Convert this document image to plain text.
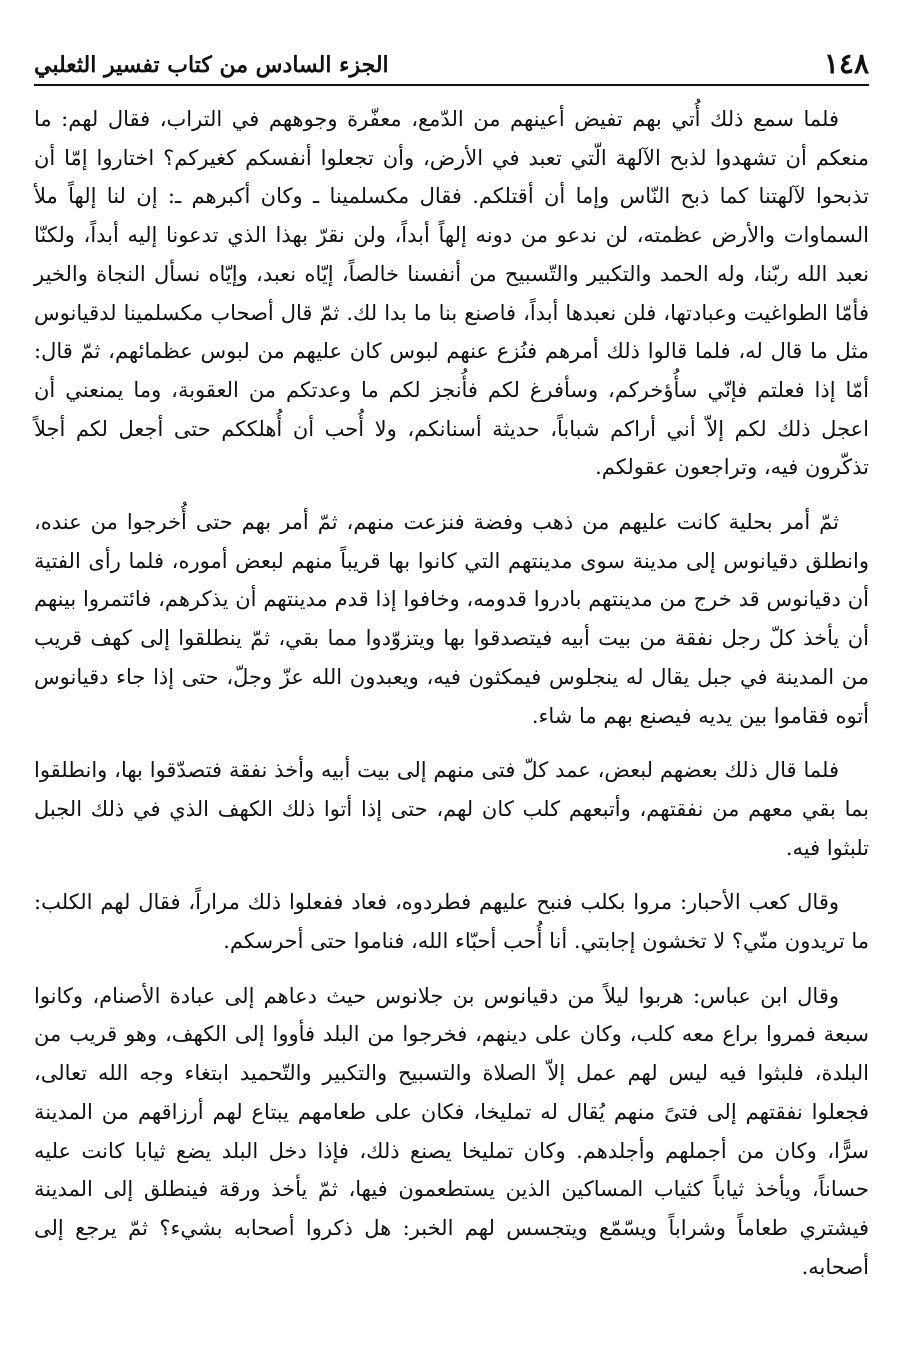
١٤٨
الجزء السادس من كتاب تفسير الثعلبي

فلما سمع ذلك أُتي بهم تفيض أعينهم من الدّمع، معفّرة وجوههم في التراب، فقال لهم: ما منعكم أن تشهدوا لذبح الآلهة الّتي تعبد في الأرض، وأن تجعلوا أنفسكم كغيركم؟ اختاروا إمّا أن تذبحوا لآلهتنا كما ذبح النّاس وإما أن أقتلكم. فقال مكسلمينا ـ وكان أكبرهم ـ: إن لنا إلهاً ملأ السماوات والأرض عظمته، لن ندعو من دونه إلهاً أبداً، ولن نقرّ بهذا الذي تدعونا إليه أبداً، ولكنّا نعبد الله ربّنا، وله الحمد والتكبير والتّسبيح من أنفسنا خالصاً، إيّاه نعبد، وإيّاه نسأل النجاة والخير فأمّا الطواغيت وعبادتها، فلن نعبدها أبداً، فاصنع بنا ما بدا لك. ثمّ قال أصحاب مكسلمينا لدقيانوس مثل ما قال له، فلما قالوا ذلك أمرهم فنُزع عنهم لبوس كان عليهم من لبوس عظمائهم، ثمّ قال: أمّا إذا فعلتم فإنّي سأُؤخركم، وسأفرغ لكم فأُنجز لكم ما وعدتكم من العقوبة، وما يمنعني أن اعجل ذلك لكم إلاّ أني أراكم شباباً، حديثة أسنانكم، ولا أُحب أن أُهلككم حتى أجعل لكم أجلاً تذكّرون فيه، وتراجعون عقولكم.

ثمّ أمر بحلية كانت عليهم من ذهب وفضة فنزعت منهم، ثمّ أمر بهم حتى أُخرجوا من عنده، وانطلق دقيانوس إلى مدينة سوى مدينتهم التي كانوا بها قريباً منهم لبعض أموره، فلما رأى الفتية أن دقيانوس قد خرج من مدينتهم بادروا قدومه، وخافوا إذا قدم مدينتهم أن يذكرهم، فائتمروا بينهم أن يأخذ كلّ رجل نفقة من بيت أبيه فيتصدقوا بها ويتزوّدوا مما بقي، ثمّ ينطلقوا إلى كهف قريب من المدينة في جبل يقال له ينجلوس فيمكثون فيه، ويعبدون الله عزّ وجلّ، حتى إذا جاء دقيانوس أتوه فقاموا بين يديه فيصنع بهم ما شاء.

فلما قال ذلك بعضهم لبعض، عمد كلّ فتى منهم إلى بيت أبيه وأخذ نفقة فتصدّقوا بها، وانطلقوا بما بقي معهم من نفقتهم، وأتبعهم كلب كان لهم، حتى إذا أتوا ذلك الكهف الذي في ذلك الجبل تلبثوا فيه.

وقال كعب الأحبار: مروا بكلب فنبح عليهم فطردوه، فعاد ففعلوا ذلك مراراً، فقال لهم الكلب: ما تريدون منّي؟ لا تخشون إجابتي. أنا أُحب أحبّاء الله، فناموا حتى أحرسكم.

وقال ابن عباس: هربوا ليلاً من دقيانوس بن جلانوس حيث دعاهم إلى عبادة الأصنام، وكانوا سبعة فمروا براع معه كلب، وكان على دينهم، فخرجوا من البلد فأووا إلى الكهف، وهو قريب من البلدة، فلبثوا فيه ليس لهم عمل إلاّ الصلاة والتسبيح والتكبير والتّحميد ابتغاء وجه الله تعالى، فجعلوا نفقتهم إلى فتىً منهم يُقال له تمليخا، فكان على طعامهم يبتاع لهم أرزاقهم من المدينة سرًّا، وكان من أجملهم وأجلدهم. وكان تمليخا يصنع ذلك، فإذا دخل البلد يضع ثيابا كانت عليه حساناً، ويأخذ ثياباً كثياب المساكين الذين يستطعمون فيها، ثمّ يأخذ ورقة فينطلق إلى المدينة فيشتري طعاماً وشراباً ويسّمّع ويتجسس لهم الخبر: هل ذكروا أصحابه بشيء؟ ثمّ يرجع إلى أصحابه.
